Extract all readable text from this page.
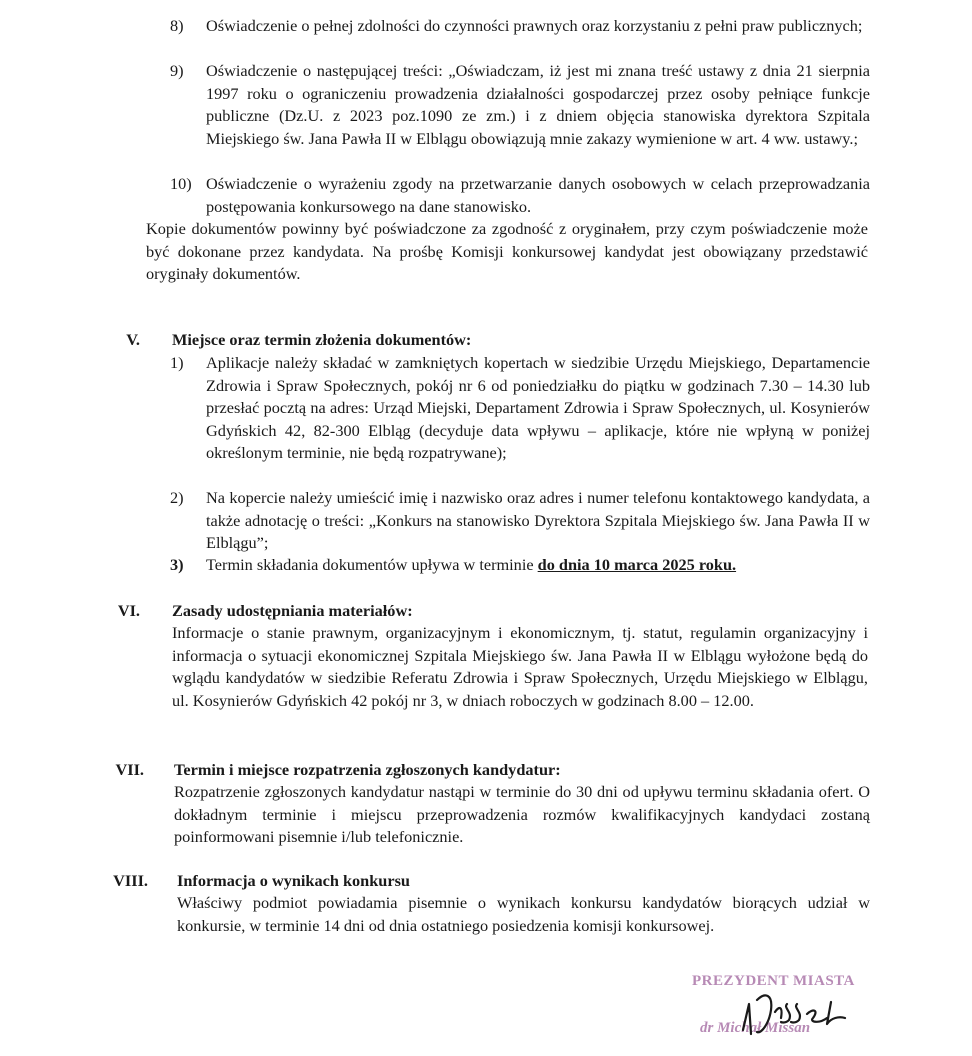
8) Oświadczenie o pełnej zdolności do czynności prawnych oraz korzystaniu z pełni praw publicznych;
9) Oświadczenie o następującej treści: „Oświadczam, iż jest mi znana treść ustawy z dnia 21 sierpnia 1997 roku o ograniczeniu prowadzenia działalności gospodarczej przez osoby pełniące funkcje publiczne (Dz.U. z 2023 poz.1090 ze zm.) i z dniem objęcia stanowiska dyrektora Szpitala Miejskiego św. Jana Pawła II w Elblągu obowiązują mnie zakazy wymienione w art. 4 ww. ustawy.;
10) Oświadczenie o wyrażeniu zgody na przetwarzanie danych osobowych w celach przeprowadzania postępowania konkursowego na dane stanowisko.
Kopie dokumentów powinny być poświadczone za zgodność z oryginałem, przy czym poświadczenie może być dokonane przez kandydata. Na prośbę Komisji konkursowej kandydat jest obowiązany przedstawić oryginały dokumentów.
V. Miejsce oraz termin złożenia dokumentów:
1) Aplikacje należy składać w zamkniętych kopertach w siedzibie Urzędu Miejskiego, Departamencie Zdrowia i Spraw Społecznych, pokój nr 6 od poniedziałku do piątku w godzinach 7.30 – 14.30 lub przesłać pocztą na adres: Urząd Miejski, Departament Zdrowia i Spraw Społecznych, ul. Kosynierów Gdyńskich 42, 82-300 Elbląg (decyduje data wpływu – aplikacje, które nie wpłyną w poniżej określonym terminie, nie będą rozpatrywane);
2) Na kopercie należy umieścić imię i nazwisko oraz adres i numer telefonu kontaktowego kandydata, a także adnotację o treści: „Konkurs na stanowisko Dyrektora Szpitala Miejskiego św. Jana Pawła II w Elblągu”;
3) Termin składania dokumentów upływa w terminie do dnia 10 marca 2025 roku.
VI. Zasady udostępniania materiałów:
Informacje o stanie prawnym, organizacyjnym i ekonomicznym, tj. statut, regulamin organizacyjny i informacja o sytuacji ekonomicznej Szpitala Miejskiego św. Jana Pawła II w Elblągu wyłożone będą do wglądu kandydatów w siedzibie Referatu Zdrowia i Spraw Społecznych, Urzędu Miejskiego w Elblągu, ul. Kosynierów Gdyńskich 42 pokój nr 3, w dniach roboczych w godzinach 8.00 – 12.00.
VII. Termin i miejsce rozpatrzenia zgłoszonych kandydatur:
Rozpatrzenie zgłoszonych kandydatur nastąpi w terminie do 30 dni od upływu terminu składania ofert. O dokładnym terminie i miejscu przeprowadzenia rozmów kwalifikacyjnych kandydaci zostaną poinformowani pisemnie i/lub telefonicznie.
VIII. Informacja o wynikach konkursu
Właściwy podmiot powiadamia pisemnie o wynikach konkursu kandydatów biorących udział w konkursie, w terminie 14 dni od dnia ostatniego posiedzenia komisji konkursowej.
PREZYDENT MIASTA
dr Michał Missan
